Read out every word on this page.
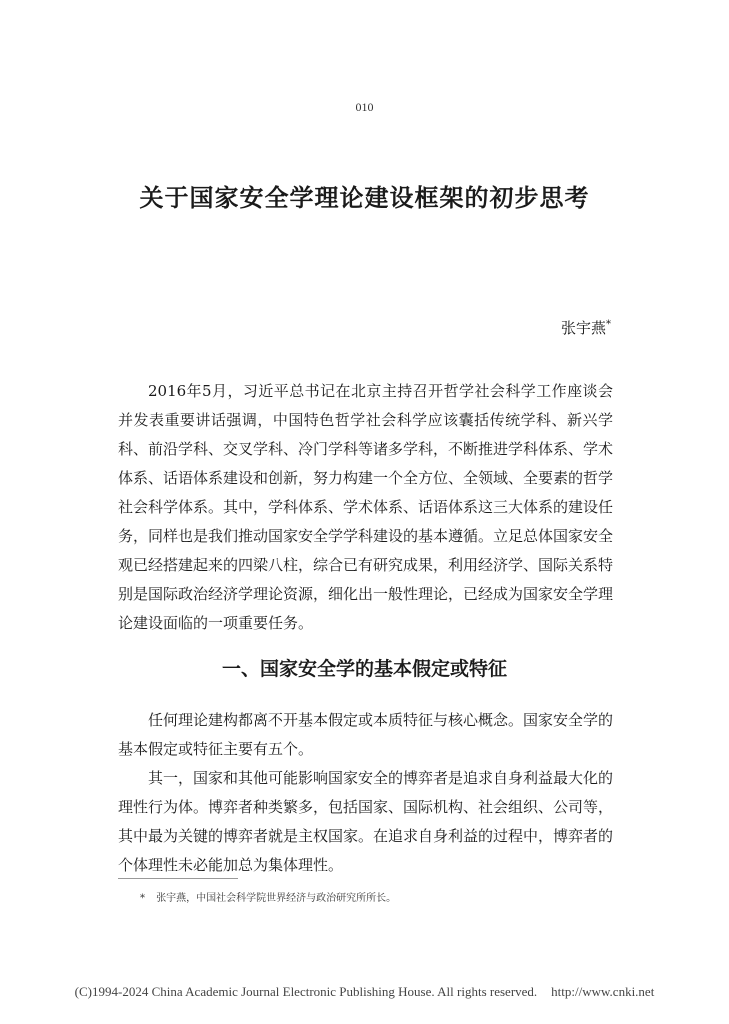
010
关于国家安全学理论建设框架的初步思考
张宇燕*

2016年5月，习近平总书记在北京主持召开哲学社会科学工作座谈会并发表重要讲话强调，中国特色哲学社会科学应该囊括传统学科、新兴学科、前沿学科、交叉学科、冷门学科等诸多学科，不断推进学科体系、学术体系、话语体系建设和创新，努力构建一个全方位、全领域、全要素的哲学社会科学体系。其中，学科体系、学术体系、话语体系这三大体系的建设任务，同样也是我们推动国家安全学学科建设的基本遵循。立足总体国家安全观已经搭建起来的四梁八柱，综合已有研究成果，利用经济学、国际关系特别是国际政治经济学理论资源，细化出一般性理论，已经成为国家安全学理论建设面临的一项重要任务。

一、国家安全学的基本假定或特征

任何理论建构都离不开基本假定或本质特征与核心概念。国家安全学的基本假定或特征主要有五个。

其一，国家和其他可能影响国家安全的博弈者是追求自身利益最大化的理性行为体。博弈者种类繁多，包括国家、国际机构、社会组织、公司等，其中最为关键的博弈者就是主权国家。在追求自身利益的过程中，博弈者的个体理性未必能加总为集体理性。

* 张宇燕，中国社会科学院世界经济与政治研究所所长。
(C)1994-2024 China Academic Journal Electronic Publishing House. All rights reserved. http://www.cnki.net
